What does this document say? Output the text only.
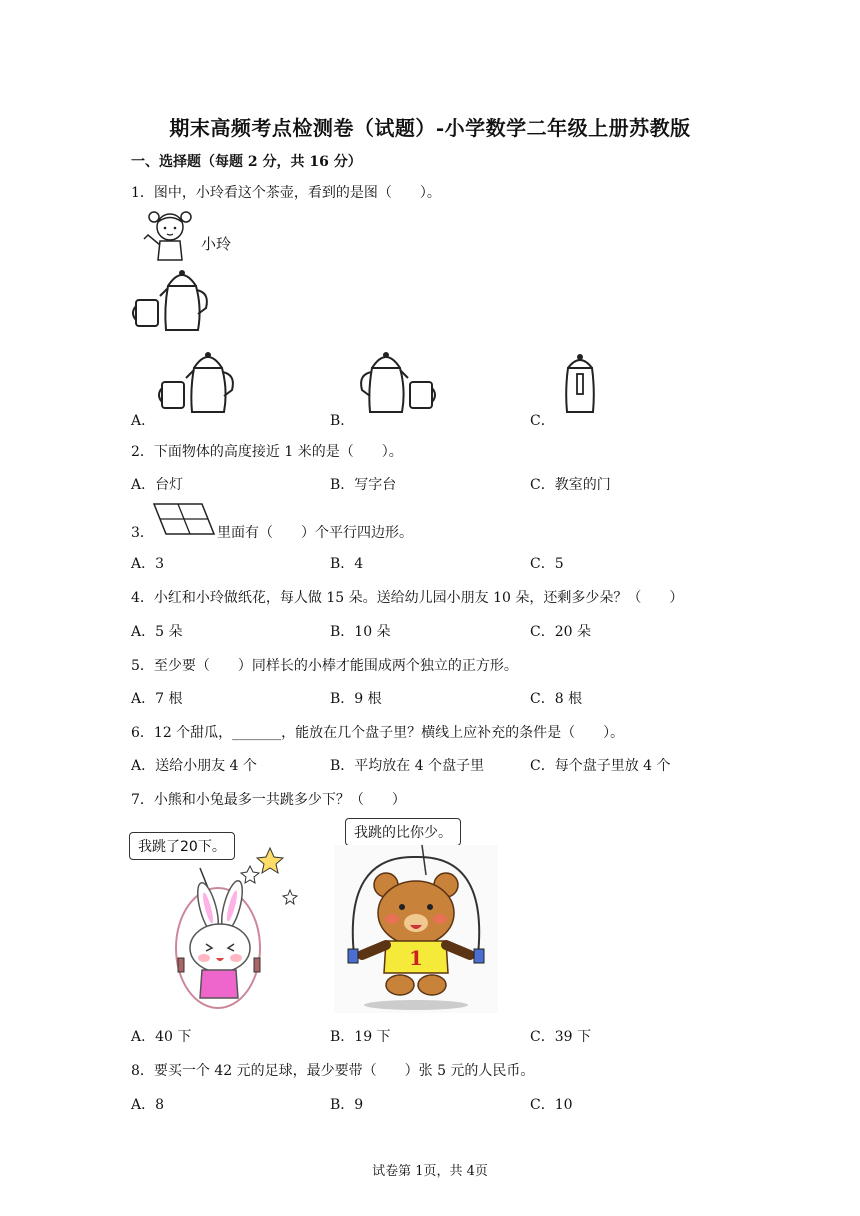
期末高频考点检测卷（试题）-小学数学二年级上册苏教版
一、选择题（每题 2 分，共 16 分）
1．图中，小玲看这个茶壶，看到的是图（　　）。
小玲
A．	B．	C．
2．下面物体的高度接近 1 米的是（　　）。
A．台灯	B．写字台	C．教室的门
3．	里面有（　　）个平行四边形。
A．3	B．4	C．5
4．小红和小玲做纸花，每人做 15 朵。送给幼儿园小朋友 10 朵，还剩多少朵？（　　）
A．5 朵	B．10 朵	C．20 朵
5．至少要（　　）同样长的小棒才能围成两个独立的正方形。
A．7 根	B．9 根	C．8 根
6．12 个甜瓜，_______，能放在几个盘子里？横线上应补充的条件是（　　）。
A．送给小朋友 4 个	B．平均放在 4 个盘子里	C．每个盘子里放 4 个
7．小熊和小兔最多一共跳多少下？（　　）
我跳了20下。
我跳的比你少。
1
A．40 下	B．19 下	C．39 下
8．要买一个 42 元的足球，最少要带（　　）张 5 元的人民币。
A．8	B．9	C．10
试卷第 1页，共 4页
